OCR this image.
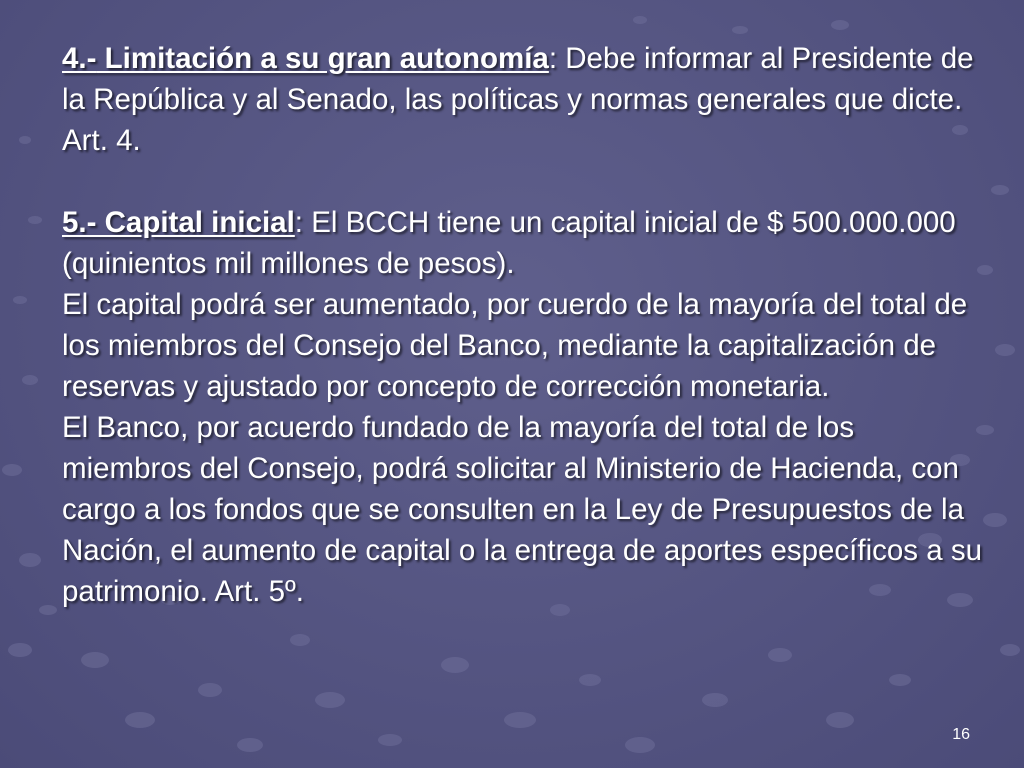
4.- Limitación a su gran autonomía: Debe informar al Presidente de la República y al Senado, las políticas y normas generales que dicte. Art. 4.

5.- Capital inicial: El BCCH tiene un capital inicial de $ 500.000.000 (quinientos mil millones de pesos).

El capital podrá ser aumentado, por cuerdo de la mayoría del total de los miembros del Consejo del Banco, mediante la capitalización de reservas y ajustado por concepto de corrección monetaria.

El Banco, por acuerdo fundado de la mayoría del total de los miembros del Consejo, podrá solicitar al Ministerio de Hacienda, con cargo a los fondos que se consulten en la Ley de Presupuestos de la Nación, el aumento de capital o la entrega de aportes específicos a su patrimonio. Art. 5º.

16
